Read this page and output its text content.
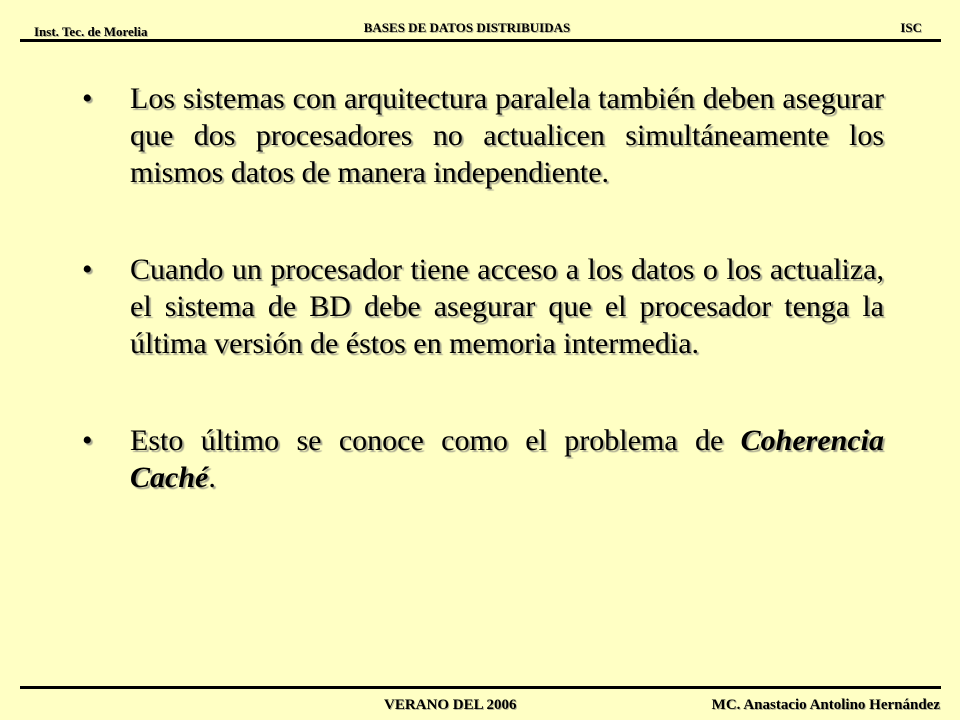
Inst. Tec. de Morelia	BASES DE DATOS DISTRIBUIDAS	ISC

• Los sistemas con arquitectura paralela también deben asegurar que dos procesadores no actualicen simultáneamente los mismos datos de manera independiente.

• Cuando un procesador tiene acceso a los datos o los actualiza, el sistema de BD debe asegurar que el procesador tenga la última versión de éstos en memoria intermedia.

• Esto último se conoce como el problema de Coherencia Caché.

VERANO DEL 2006	MC. Anastacio Antolino Hernández
